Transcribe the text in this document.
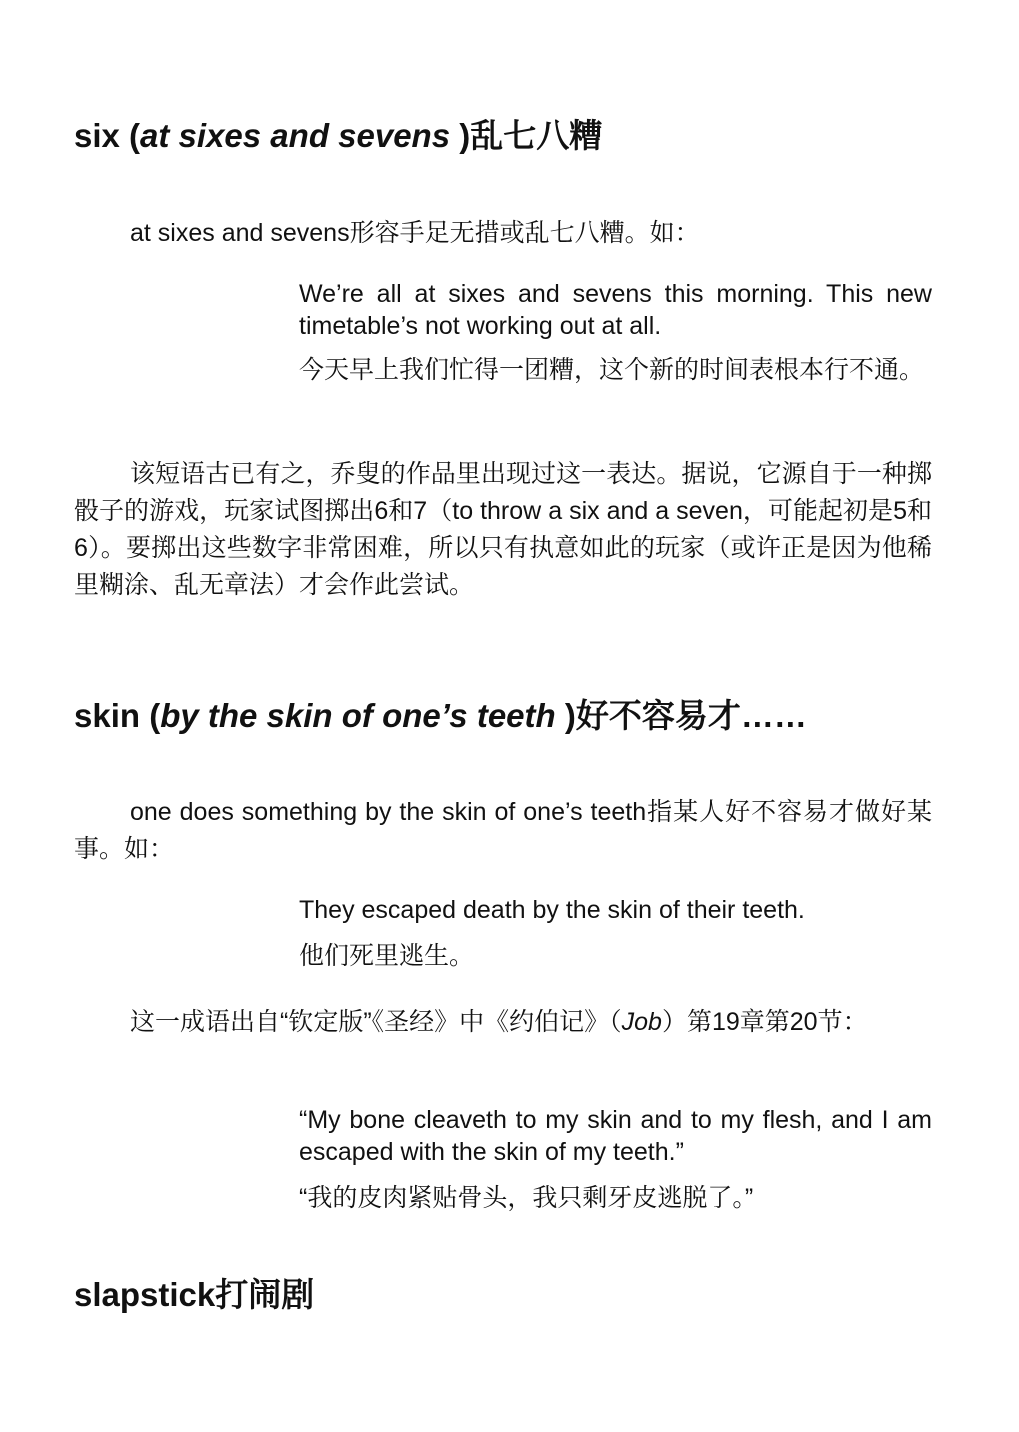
six (at sixes and sevens )乱七八糟
at sixes and sevens形容手足无措或乱七八糟。如：
We’re all at sixes and sevens this morning. This new timetable’s not working out at all.
今天早上我们忙得一团糟，这个新的时间表根本行不通。
该短语古已有之，乔叟的作品里出现过这一表达。据说，它源自于一种掷骰子的游戏，玩家试图掷出6和7（to throw a six and a seven，可能起初是5和6）。要掷出这些数字非常困难，所以只有执意如此的玩家（或许正是因为他稀里糊涂、乱无章法）才会作此尝试。
skin (by the skin of one’s teeth )好不容易才……
one does something by the skin of one’s teeth指某人好不容易才做好某事。如：
They escaped death by the skin of their teeth.
他们死里逃生。
这一成语出自“钦定版”《圣经》中《约伯记》（Job）第19章第20节：
“My bone cleaveth to my skin and to my flesh, and I am escaped with the skin of my teeth.”
“我的皮肉紧贴骨头，我只剩牙皮逃脱了。”
slapstick打闹剧
